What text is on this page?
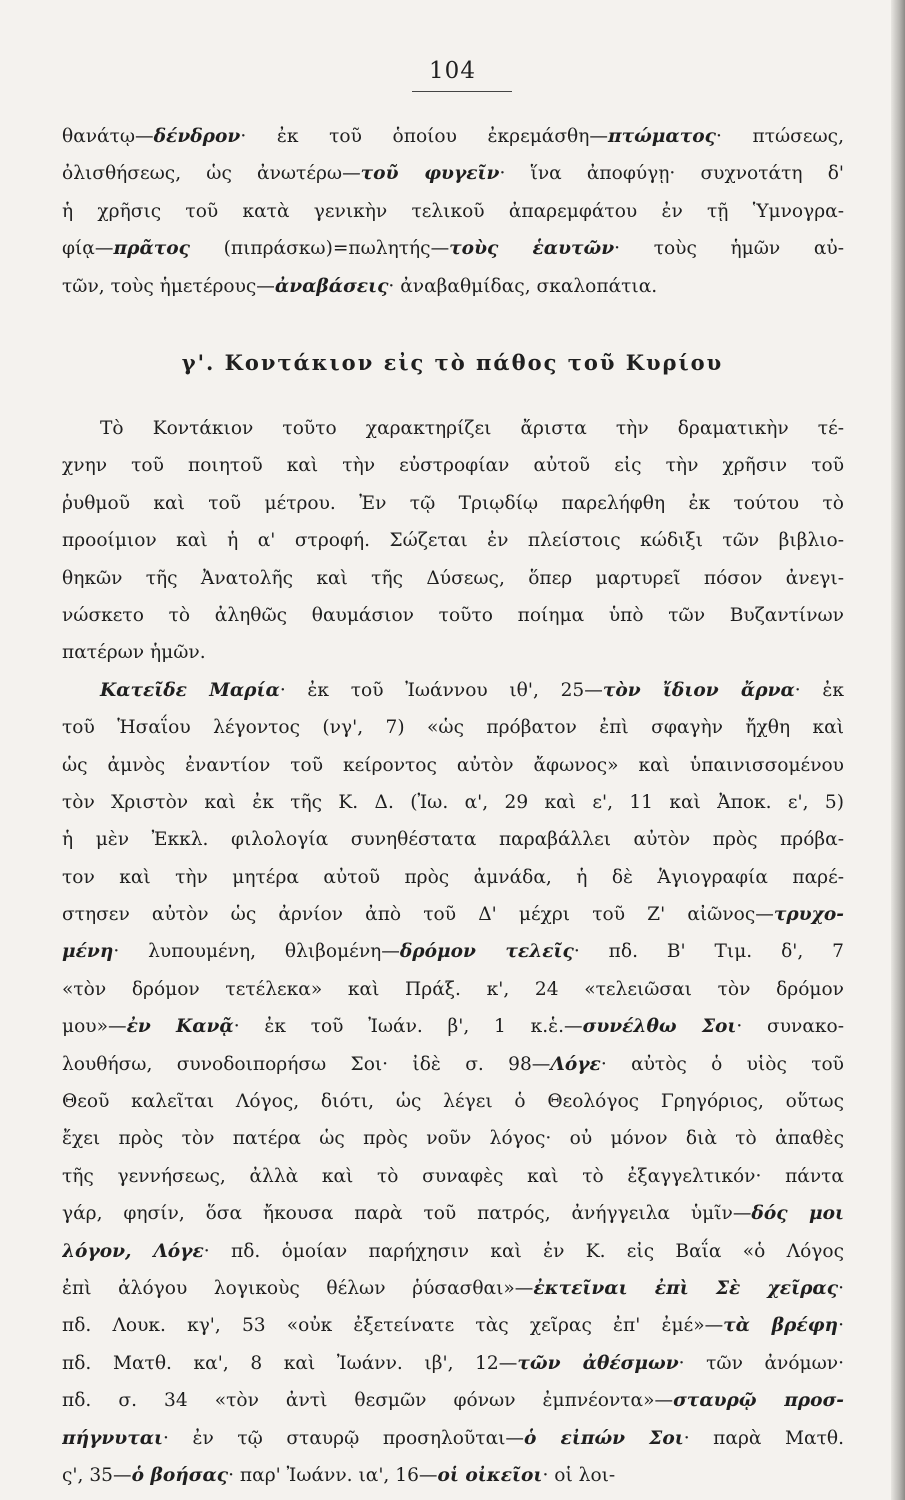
104
θανάτῳ—δένδρον· ἐκ τοῦ ὁποίου ἐκρεμάσθη—πτώματος· πτώσεως,
ὀλισθήσεως, ὡς ἀνωτέρω—τοῦ φυγεῖν· ἵνα ἀποφύγῃ· συχνοτάτη δ'
ἡ χρῆσις τοῦ κατὰ γενικὴν τελικοῦ ἀπαρεμφάτου ἐν τῇ Ὑμνογρα-
φίᾳ—πρᾶτος (πιπράσκω)=πωλητής—τοὺς ἑαυτῶν· τοὺς ἡμῶν αὐ-
τῶν, τοὺς ἡμετέρους—ἀναβάσεις· ἀναβαθμίδας, σκαλοπάτια.
γ'. Κοντάκιον εἰς τὸ πάθος τοῦ Κυρίου
Τὸ Κοντάκιον τοῦτο χαρακτηρίζει ἄριστα τὴν δραματικὴν τέ-
χνην τοῦ ποιητοῦ καὶ τὴν εὐστροφίαν αὐτοῦ εἰς τὴν χρῆσιν τοῦ
ῥυθμοῦ καὶ τοῦ μέτρου. Ἐν τῷ Τριῳδίῳ παρελήφθη ἐκ τούτου τὸ
προοίμιον καὶ ἡ α' στροφή. Σώζεται ἐν πλείστοις κώδιξι τῶν βιβλιο-
θηκῶν τῆς Ἀνατολῆς καὶ τῆς Δύσεως, ὅπερ μαρτυρεῖ πόσον ἀνεγι-
νώσκετο τὸ ἀληθῶς θαυμάσιον τοῦτο ποίημα ὑπὸ τῶν Βυζαντίνων
πατέρων ἡμῶν.
Κατεῖδε Μαρία· ἐκ τοῦ Ἰωάννου ιθ', 25—τὸν ἴδιον ἄρνα· ἐκ
τοῦ Ἡσαΐου λέγοντος (νγ', 7) «ὡς πρόβατον ἐπὶ σφαγὴν ἤχθη καὶ
ὡς ἀμνὸς ἐναντίον τοῦ κείροντος αὐτὸν ἄφωνος» καὶ ὑπαινισσομένου
τὸν Χριστὸν καὶ ἐκ τῆς Κ. Δ. (Ἰω. α', 29 καὶ ε', 11 καὶ Ἀποκ. ε', 5)
ἡ μὲν Ἐκκλ. φιλολογία συνηθέστατα παραβάλλει αὐτὸν πρὸς πρόβα-
τον καὶ τὴν μητέρα αὐτοῦ πρὸς ἀμνάδα, ἡ δὲ Ἁγιογραφία παρέ-
στησεν αὐτὸν ὡς ἀρνίον ἀπὸ τοῦ Δ' μέχρι τοῦ Ζ' αἰῶνος—τρυχο-
μένη· λυπουμένη, θλιβομένη—δρόμον τελεῖς· πδ. Β' Τιμ. δ', 7
«τὸν δρόμον τετέλεκα» καὶ Πράξ. κ', 24 «τελειῶσαι τὸν δρόμον
μου»—ἐν Κανᾷ· ἐκ τοῦ Ἰωάν. β', 1 κ.ἑ.—συνέλθω Σοι· συνακο-
λουθήσω, συνοδοιπορήσω Σοι· ἰδὲ σ. 98—Λόγε· αὐτὸς ὁ υἱὸς τοῦ
Θεοῦ καλεῖται Λόγος, διότι, ὡς λέγει ὁ Θεολόγος Γρηγόριος, οὕτως
ἔχει πρὸς τὸν πατέρα ὡς πρὸς νοῦν λόγος· οὐ μόνον διὰ τὸ ἀπαθὲς
τῆς γεννήσεως, ἀλλὰ καὶ τὸ συναφὲς καὶ τὸ ἐξαγγελτικόν· πάντα
γάρ, φησίν, ὅσα ἤκουσα παρὰ τοῦ πατρός, ἀνήγγειλα ὑμῖν—δός μοι
λόγον, Λόγε· πδ. ὁμοίαν παρήχησιν καὶ ἐν Κ. εἰς Βαΐα «ὁ Λόγος
ἐπὶ ἀλόγου λογικοὺς θέλων ῥύσασθαι»—ἐκτεῖναι ἐπὶ Σὲ χεῖρας·
πδ. Λουκ. κγ', 53 «οὐκ ἐξετείνατε τὰς χεῖρας ἐπ' ἐμέ»—τὰ βρέφη·
πδ. Ματθ. κα', 8 καὶ Ἰωάνν. ιβ', 12—τῶν ἀθέσμων· τῶν ἀνόμων·
πδ. σ. 34 «τὸν ἀντὶ θεσμῶν φόνων ἐμπνέοντα»—σταυρῷ προσ-
πήγνυται· ἐν τῷ σταυρῷ προσηλοῦται—ὁ εἰπών Σοι· παρὰ Ματθ.
ς', 35—ὁ βοήσας· παρ' Ἰωάνν. ια', 16—οἱ οἰκεῖοι· οἱ λοι-
